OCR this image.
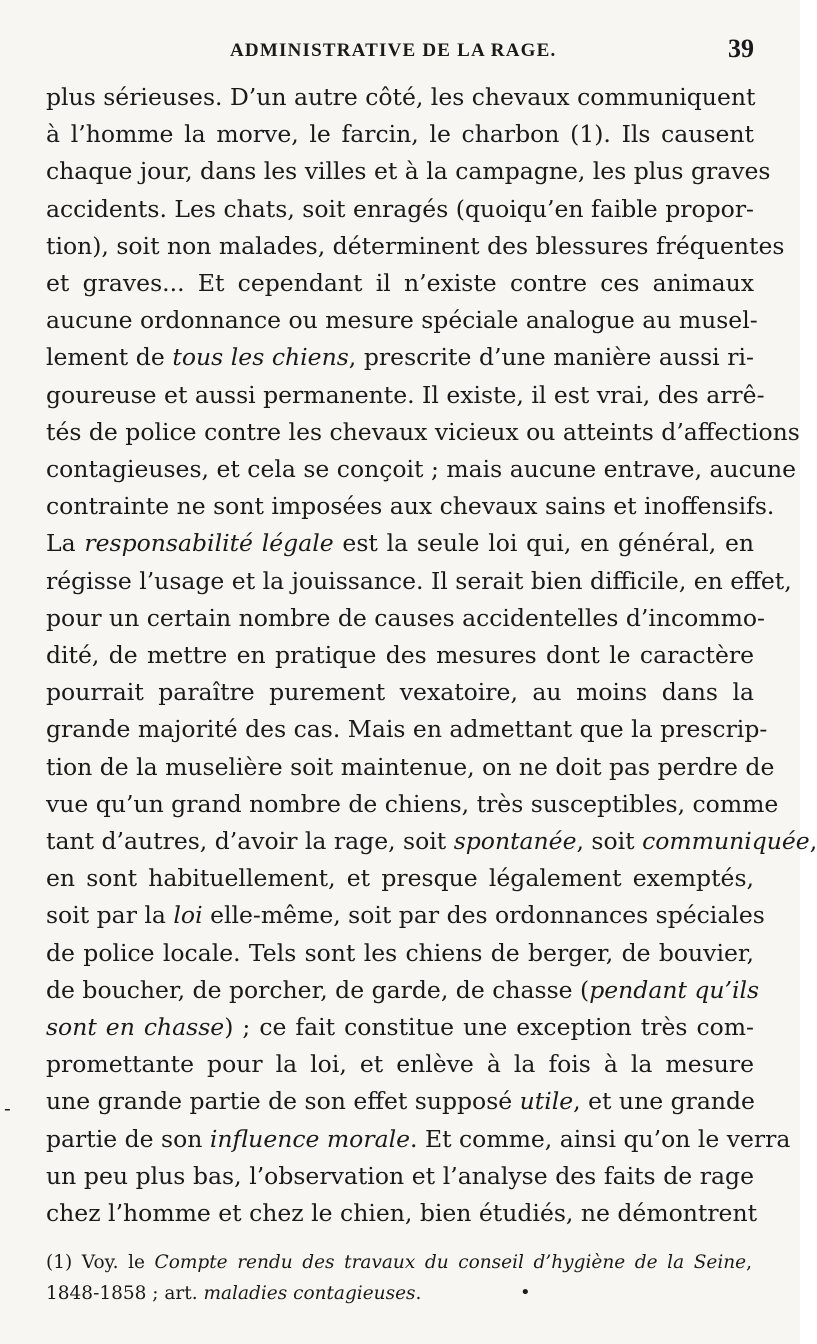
ADMINISTRATIVE DE LA RAGE.	39
plus sérieuses. D’un autre côté, les chevaux communiquent
à l’homme la morve, le farcin, le charbon (1). Ils causent
chaque jour, dans les villes et à la campagne, les plus graves
accidents. Les chats, soit enragés (quoiqu’en faible propor-
tion), soit non malades, déterminent des blessures fréquentes
et graves... Et cependant il n’existe contre ces animaux
aucune ordonnance ou mesure spéciale analogue au musel-
lement de tous les chiens, prescrite d’une manière aussi ri-
goureuse et aussi permanente. Il existe, il est vrai, des arrê-
tés de police contre les chevaux vicieux ou atteints d’affections
contagieuses, et cela se conçoit ; mais aucune entrave, aucune
contrainte ne sont imposées aux chevaux sains et inoffensifs.
La responsabilité légale est la seule loi qui, en général, en
régisse l’usage et la jouissance. Il serait bien difficile, en effet,
pour un certain nombre de causes accidentelles d’incommo-
dité, de mettre en pratique des mesures dont le caractère
pourrait paraître purement vexatoire, au moins dans la
grande majorité des cas. Mais en admettant que la prescrip-
tion de la muselière soit maintenue, on ne doit pas perdre de
vue qu’un grand nombre de chiens, très susceptibles, comme
tant d’autres, d’avoir la rage, soit spontanée, soit communiquée,
en sont habituellement, et presque légalement exemptés,
soit par la loi elle-même, soit par des ordonnances spéciales
de police locale. Tels sont les chiens de berger, de bouvier,
de boucher, de porcher, de garde, de chasse (pendant qu’ils
sont en chasse) ; ce fait constitue une exception très com-
promettante pour la loi, et enlève à la fois à la mesure
une grande partie de son effet supposé utile, et une grande
partie de son influence morale. Et comme, ainsi qu’on le verra
un peu plus bas, l’observation et l’analyse des faits de rage
chez l’homme et chez le chien, bien étudiés, ne démontrent
-
(1) Voy. le Compte rendu des travaux du conseil d’hygiène de la Seine,
1848-1858 ; art. maladies contagieuses.	•
